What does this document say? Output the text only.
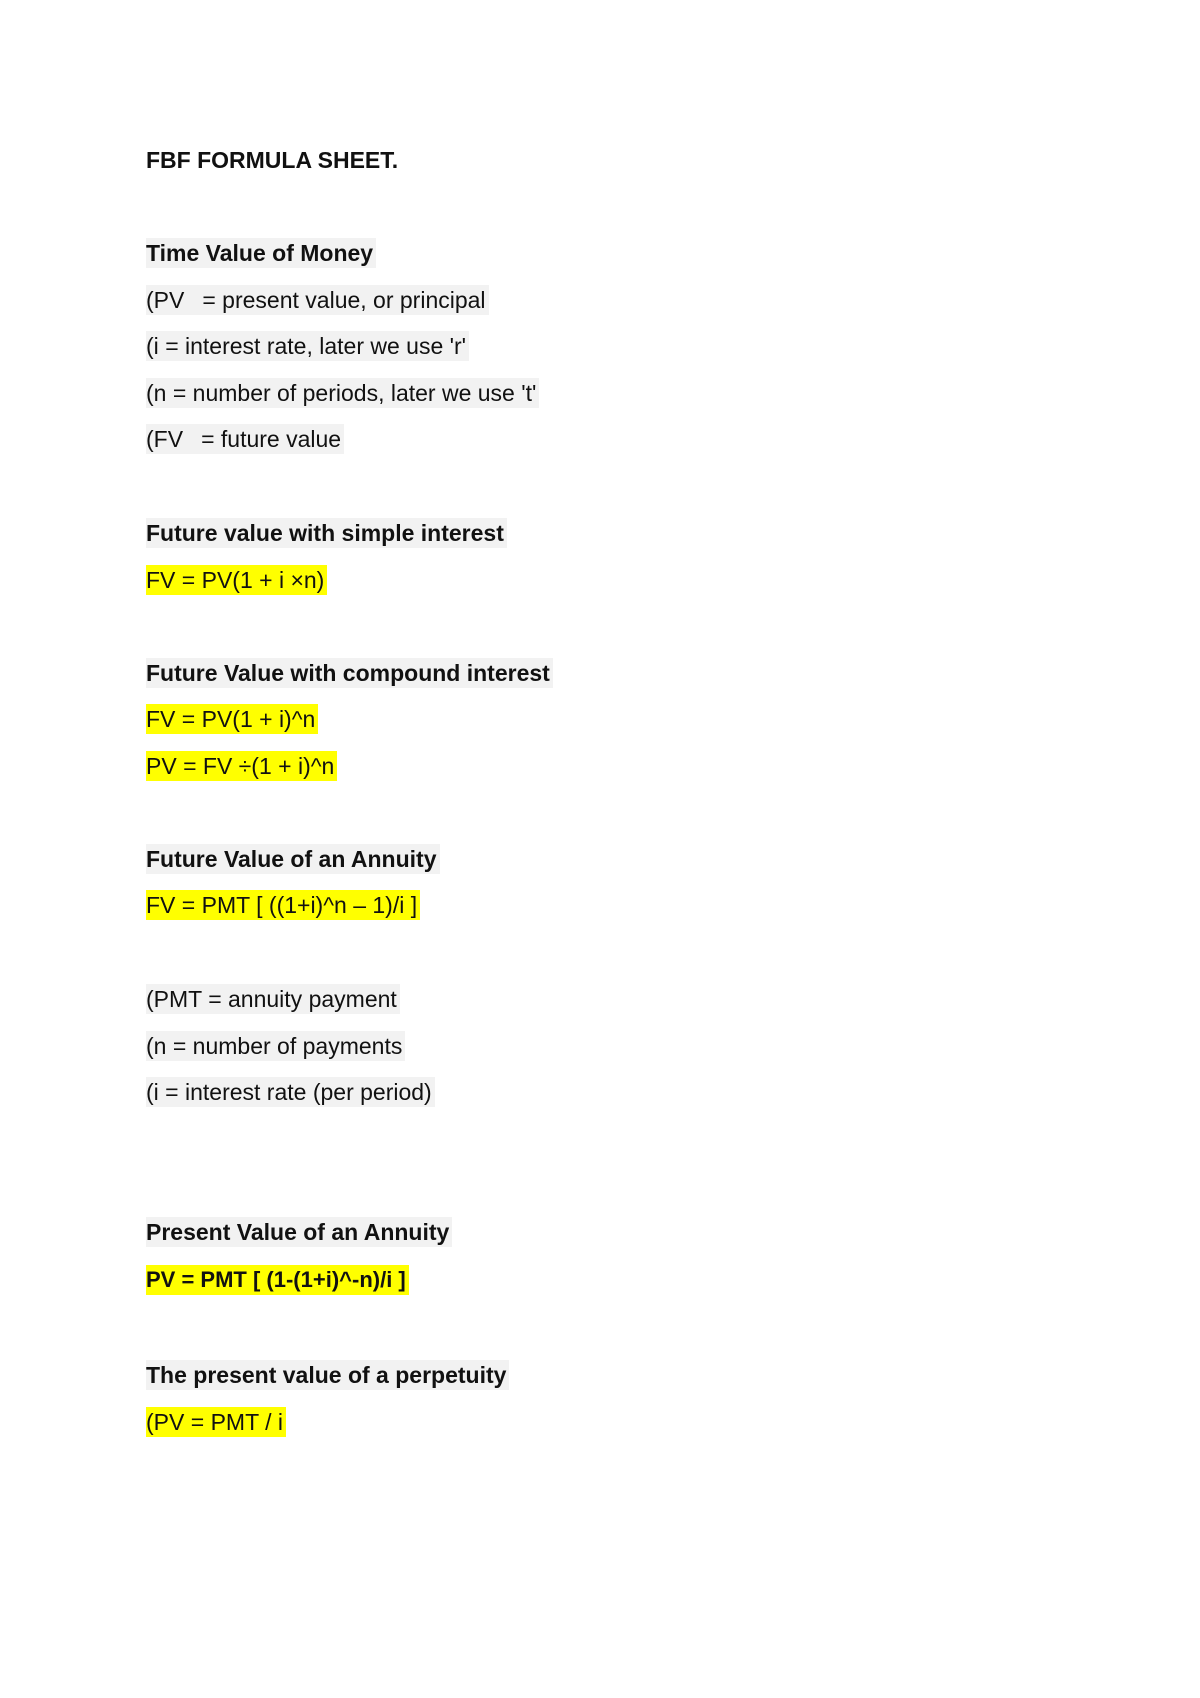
FBF FORMULA SHEET.
Time Value of Money
(PV = present value, or principal
(i = interest rate, later we use 'r'
(n = number of periods, later we use 't'
(FV = future value
Future value with simple interest
FV = PV(1 + i ×n)
Future Value with compound interest
FV = PV(1 + i)^n
PV = FV ÷(1 + i)^n
Future Value of an Annuity
FV = PMT [ ((1+i)^n – 1)/i ]
(PMT = annuity payment
(n = number of payments
(i = interest rate (per period)
Present Value of an Annuity
PV = PMT [ (1-(1+i)^-n)/i ]
The present value of a perpetuity
(PV = PMT / i
